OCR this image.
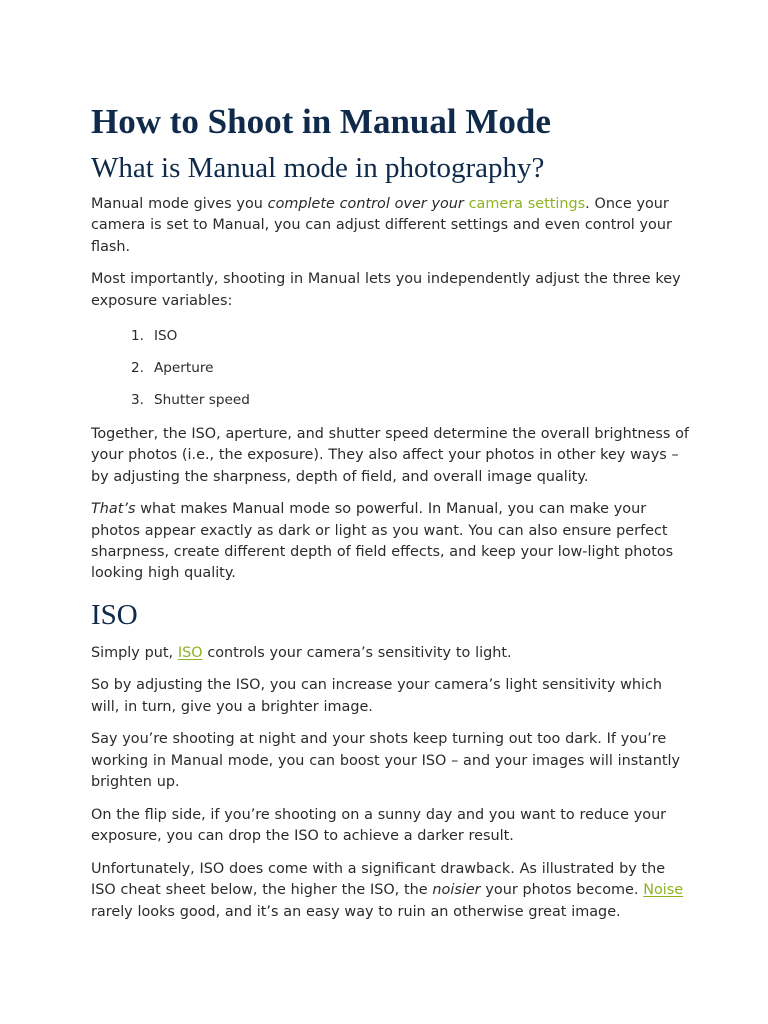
How to Shoot in Manual Mode
What is Manual mode in photography?

Manual mode gives you complete control over your camera settings. Once your camera is set to Manual, you can adjust different settings and even control your flash.

Most importantly, shooting in Manual lets you independently adjust the three key exposure variables:

1. ISO
2. Aperture
3. Shutter speed

Together, the ISO, aperture, and shutter speed determine the overall brightness of your photos (i.e., the exposure). They also affect your photos in other key ways – by adjusting the sharpness, depth of field, and overall image quality.

That’s what makes Manual mode so powerful. In Manual, you can make your photos appear exactly as dark or light as you want. You can also ensure perfect sharpness, create different depth of field effects, and keep your low-light photos looking high quality.

ISO

Simply put, ISO controls your camera’s sensitivity to light.

So by adjusting the ISO, you can increase your camera’s light sensitivity which will, in turn, give you a brighter image.

Say you’re shooting at night and your shots keep turning out too dark. If you’re working in Manual mode, you can boost your ISO – and your images will instantly brighten up.

On the flip side, if you’re shooting on a sunny day and you want to reduce your exposure, you can drop the ISO to achieve a darker result.

Unfortunately, ISO does come with a significant drawback. As illustrated by the ISO cheat sheet below, the higher the ISO, the noisier your photos become. Noise rarely looks good, and it’s an easy way to ruin an otherwise great image.
